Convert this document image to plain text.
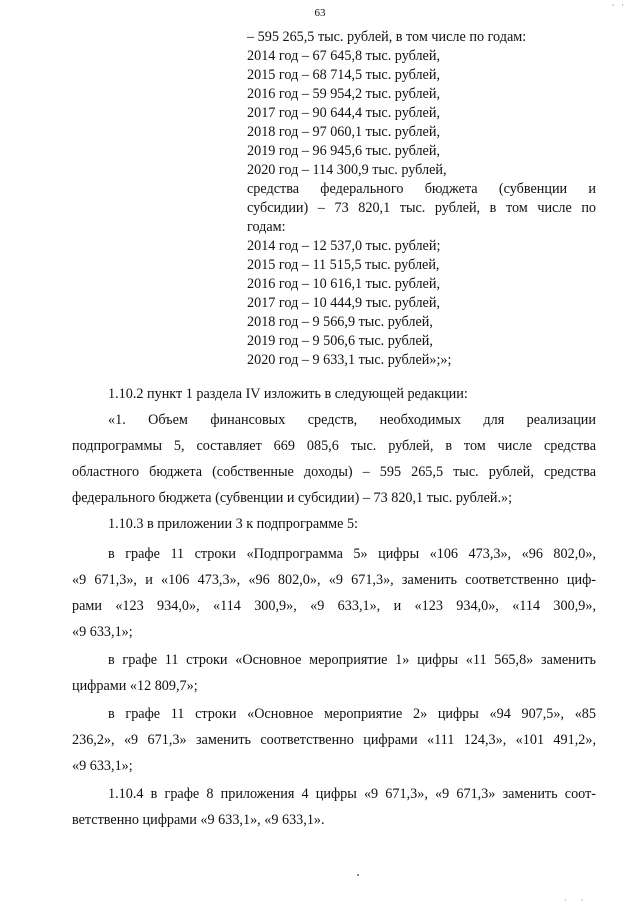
· ·
63
– 595 265,5 тыс. рублей, в том числе по годам:
2014 год – 67 645,8 тыс. рублей,
2015 год – 68 714,5 тыс. рублей,
2016 год – 59 954,2 тыс. рублей,
2017 год – 90 644,4 тыс. рублей,
2018 год – 97 060,1 тыс. рублей,
2019 год – 96 945,6 тыс. рублей,
2020 год – 114 300,9 тыс. рублей,
средства федерального бюджета (субвенции и
субсидии) – 73 820,1 тыс. рублей, в том числе по
годам:
2014 год – 12 537,0 тыс. рублей;
2015 год – 11 515,5 тыс. рублей,
2016 год – 10 616,1 тыс. рублей,
2017 год – 10 444,9 тыс. рублей,
2018 год – 9 566,9 тыс. рублей,
2019 год – 9 506,6 тыс. рублей,
2020 год – 9 633,1 тыс. рублей»;»;
1.10.2 пункт 1 раздела IV изложить в следующей редакции:
«1. Объем финансовых средств, необходимых для реализации
подпрограммы 5, составляет 669 085,6 тыс. рублей, в том числе средства
областного бюджета (собственные доходы) – 595 265,5 тыс. рублей, средства
федерального бюджета (субвенции и субсидии) – 73 820,1 тыс. рублей.»;
1.10.3 в приложении 3 к подпрограмме 5:
в графе 11 строки «Подпрограмма 5» цифры «106 473,3», «96 802,0»,
«9 671,3», и «106 473,3», «96 802,0», «9 671,3», заменить соответственно циф-
рами «123 934,0», «114 300,9», «9 633,1», и «123 934,0», «114 300,9»,
«9 633,1»;
в графе 11 строки «Основное мероприятие 1» цифры «11 565,8» заменить
цифрами «12 809,7»;
в графе 11 строки «Основное мероприятие 2» цифры «94 907,5», «85
236,2», «9 671,3» заменить соответственно цифрами «111 124,3», «101 491,2»,
«9 633,1»;
1.10.4 в графе 8 приложения 4 цифры «9 671,3», «9 671,3» заменить соот-
ветственно цифрами «9 633,1», «9 633,1».
· ·
